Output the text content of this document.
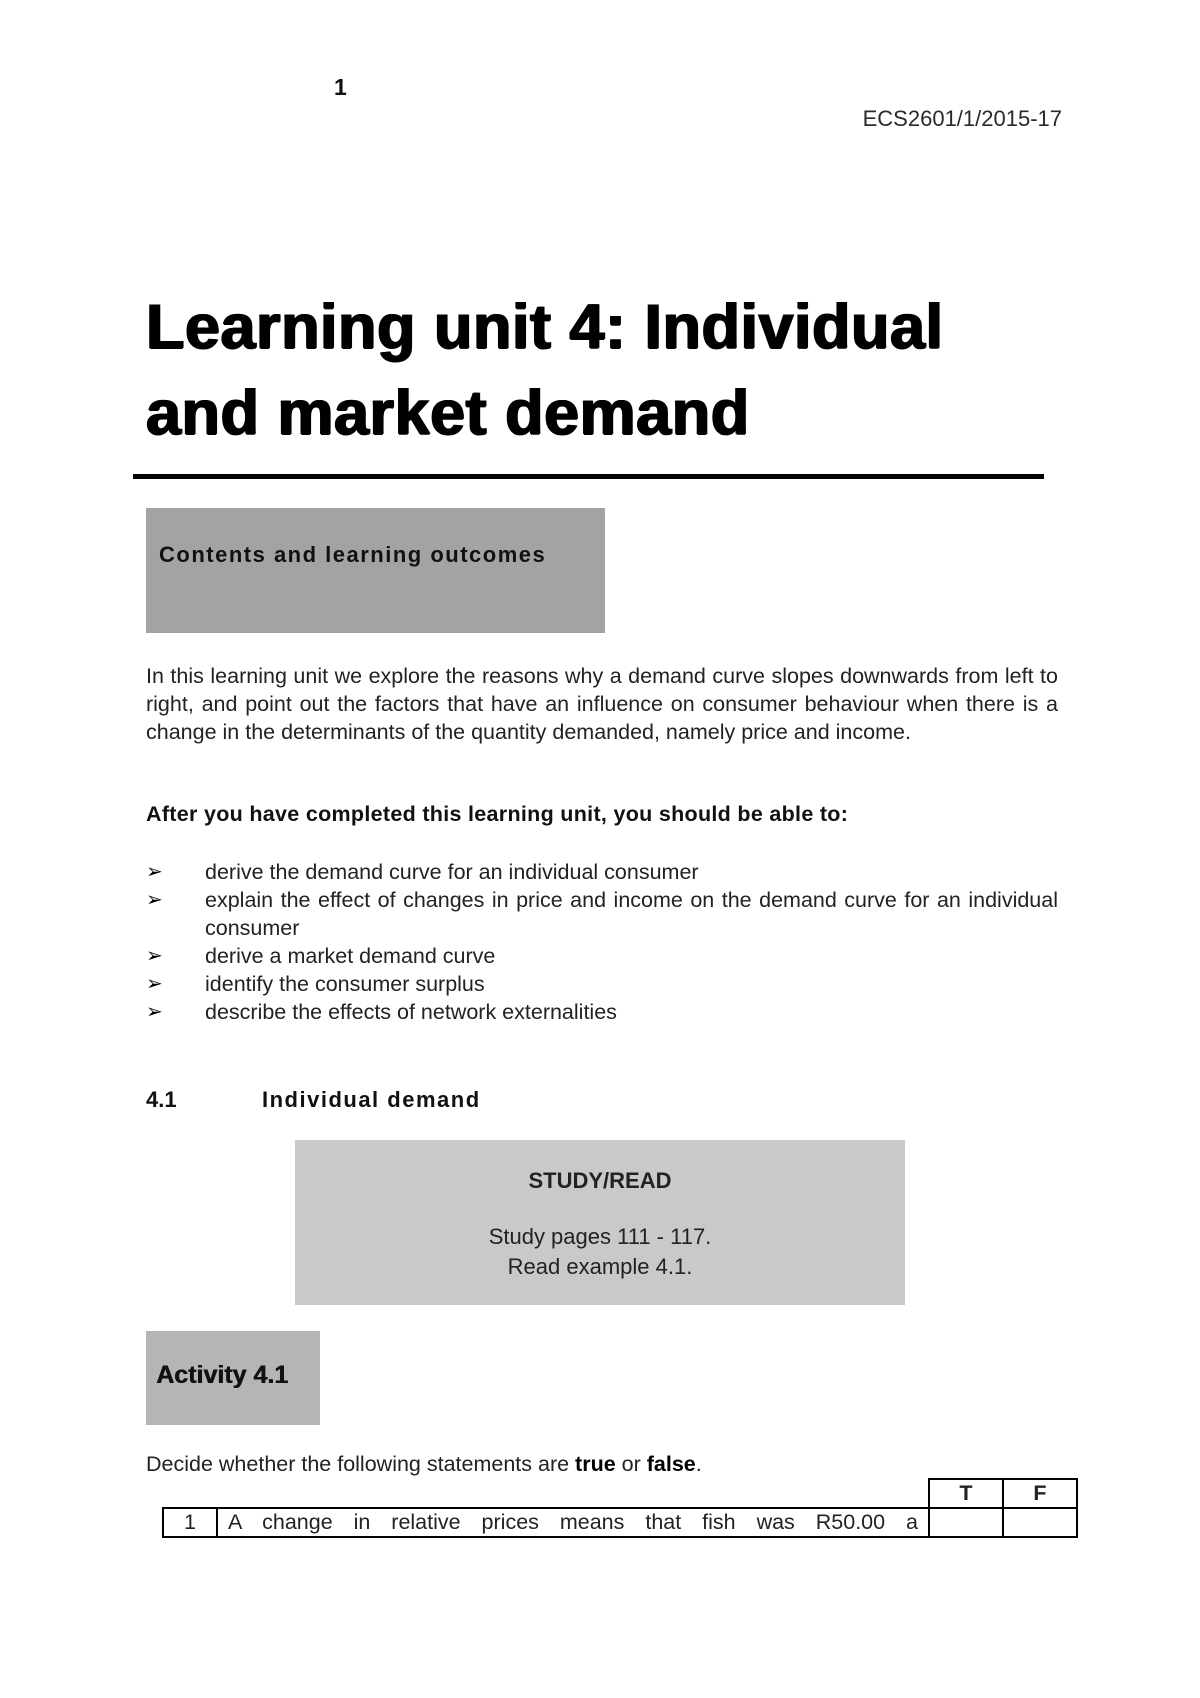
1
ECS2601/1/2015-17
Learning unit 4: Individual
and market demand
Contents and learning outcomes

In this learning unit we explore the reasons why a demand curve slopes downwards from left to right, and point out the factors that have an influence on consumer behaviour when there is a change in the determinants of the quantity demanded, namely price and income.

After you have completed this learning unit, you should be able to:
➢ derive the demand curve for an individual consumer
➢ explain the effect of changes in price and income on the demand curve for an individual consumer
➢ derive a market demand curve
➢ identify the consumer surplus
➢ describe the effects of network externalities
4.1	Individual demand
STUDY/READ
Study pages 111 - 117.
Read example 4.1.
Activity 4.1
Decide whether the following statements are true or false.
		T	F
1	A change in relative prices means that fish was R50.00 a		
